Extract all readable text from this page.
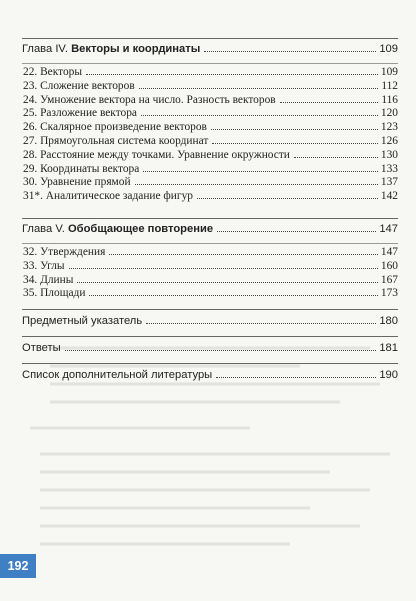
Глава IV. Векторы и координаты	109
22. Векторы	109
23. Сложение векторов	112
24. Умножение вектора на число. Разность векторов	116
25. Разложение вектора	120
26. Скалярное произведение векторов	123
27. Прямоугольная система координат	126
28. Расстояние между точками. Уравнение окружности	130
29. Координаты вектора	133
30. Уравнение прямой	137
31*. Аналитическое задание фигур	142
Глава V. Обобщающее повторение	147
32. Утверждения	147
33. Углы	160
34. Длины	167
35. Площади	173
Предметный указатель	180
Ответы	181
Список дополнительной литературы	190
192
